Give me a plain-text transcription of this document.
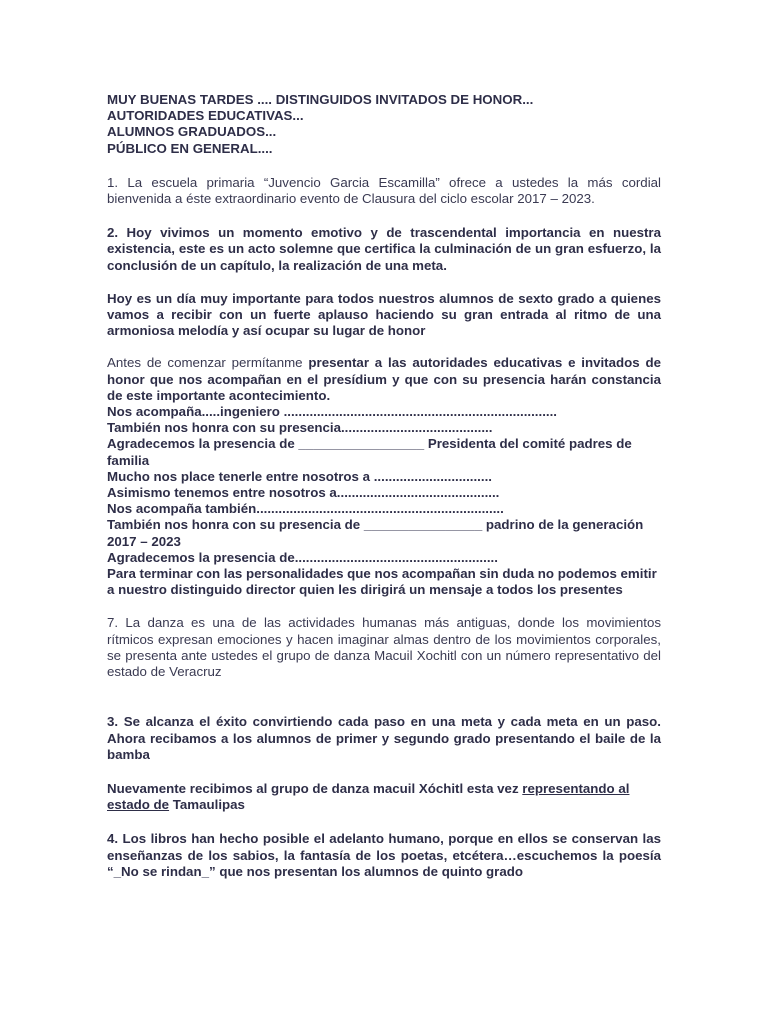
MUY BUENAS TARDES .... DISTINGUIDOS INVITADOS DE HONOR...
AUTORIDADES EDUCATIVAS...
ALUMNOS GRADUADOS...
PÚBLICO EN GENERAL....
1. La escuela primaria “Juvencio Garcia Escamilla” ofrece a ustedes la más cordial bienvenida a éste extraordinario evento de Clausura del ciclo escolar 2017 – 2023.
2. Hoy vivimos un momento emotivo y de trascendental importancia en nuestra existencia, este es un acto solemne que certifica la culminación de un gran esfuerzo, la conclusión de un capítulo, la realización de una meta.
Hoy es un día muy importante para todos nuestros alumnos de sexto grado a quienes vamos a recibir con un fuerte aplauso haciendo su gran entrada al ritmo de una armoniosa melodía y así ocupar su lugar de honor
Antes de comenzar permítanme presentar a las autoridades educativas e invitados de honor que nos acompañan en el presídium y que con su presencia harán constancia de este importante acontecimiento.
Nos acompaña.....ingeniero ..........................................................................
También nos honra con su presencia.........................................
Agradecemos la presencia de _________________ Presidenta del comité padres de familia
Mucho nos place tenerle entre nosotros a ................................
Asimismo tenemos entre nosotros a............................................
Nos acompaña también...................................................................
También nos honra con su presencia de ________________ padrino de la generación 2017 – 2023
Agradecemos la presencia de.......................................................
Para terminar con las personalidades que nos acompañan sin duda no podemos emitir a nuestro distinguido director quien les dirigirá un mensaje a todos los presentes
7. La danza es una de las actividades humanas más antiguas, donde los movimientos rítmicos expresan emociones y hacen imaginar almas dentro de los movimientos corporales, se presenta ante ustedes el grupo de danza Macuil Xochitl con un número representativo del estado de Veracruz
3. Se alcanza el éxito convirtiendo cada paso en una meta y cada meta en un paso. Ahora recibamos a los alumnos de primer y segundo grado presentando el baile de la bamba
Nuevamente recibimos al grupo de danza macuil Xóchitl esta vez representando al estado de Tamaulipas
4. Los libros han hecho posible el adelanto humano, porque en ellos se conservan las enseñanzas de los sabios, la fantasía de los poetas, etcétera…escuchemos la poesía “_No se rindan_” que nos presentan los alumnos de quinto grado
